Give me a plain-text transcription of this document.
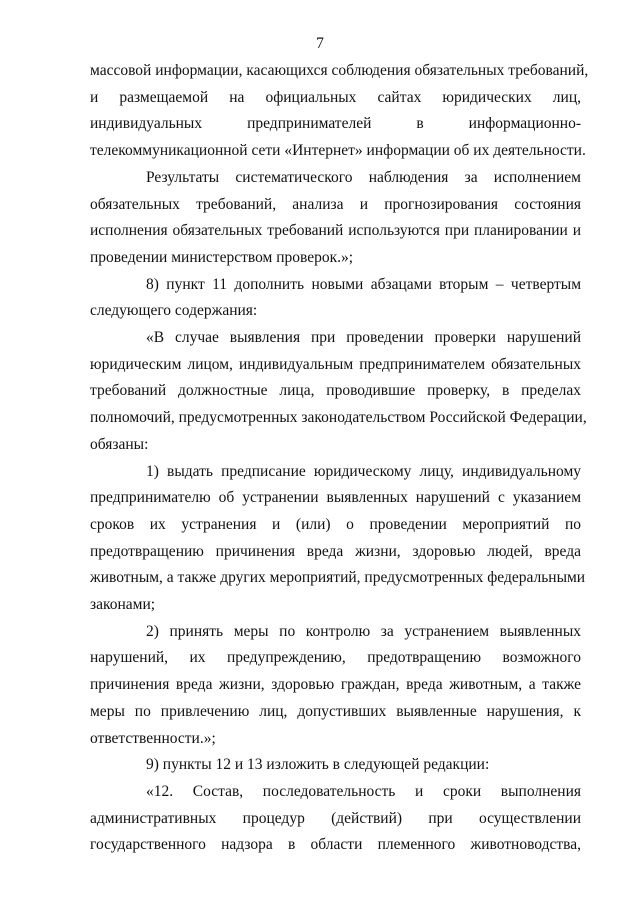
7
массовой информации, касающихся соблюдения обязательных требований,
и размещаемой на официальных сайтах юридических лиц,
индивидуальных предпринимателей в информационно-
телекоммуникационной сети «Интернет» информации об их деятельности.
Результаты систематического наблюдения за исполнением
обязательных требований, анализа и прогнозирования состояния
исполнения обязательных требований используются при планировании и
проведении министерством проверок.»;
8) пункт 11 дополнить новыми абзацами вторым – четвертым
следующего содержания:
«В случае выявления при проведении проверки нарушений
юридическим лицом, индивидуальным предпринимателем обязательных
требований должностные лица, проводившие проверку, в пределах
полномочий, предусмотренных законодательством Российской Федерации,
обязаны:
1) выдать предписание юридическому лицу, индивидуальному
предпринимателю об устранении выявленных нарушений с указанием
сроков их устранения и (или) о проведении мероприятий по
предотвращению причинения вреда жизни, здоровью людей, вреда
животным, а также других мероприятий, предусмотренных федеральными
законами;
2) принять меры по контролю за устранением выявленных
нарушений, их предупреждению, предотвращению возможного
причинения вреда жизни, здоровью граждан, вреда животным, а также
меры по привлечению лиц, допустивших выявленные нарушения, к
ответственности.»;
9) пункты 12 и 13 изложить в следующей редакции:
«12. Состав, последовательность и сроки выполнения
административных процедур (действий) при осуществлении
государственного надзора в области племенного животноводства,
